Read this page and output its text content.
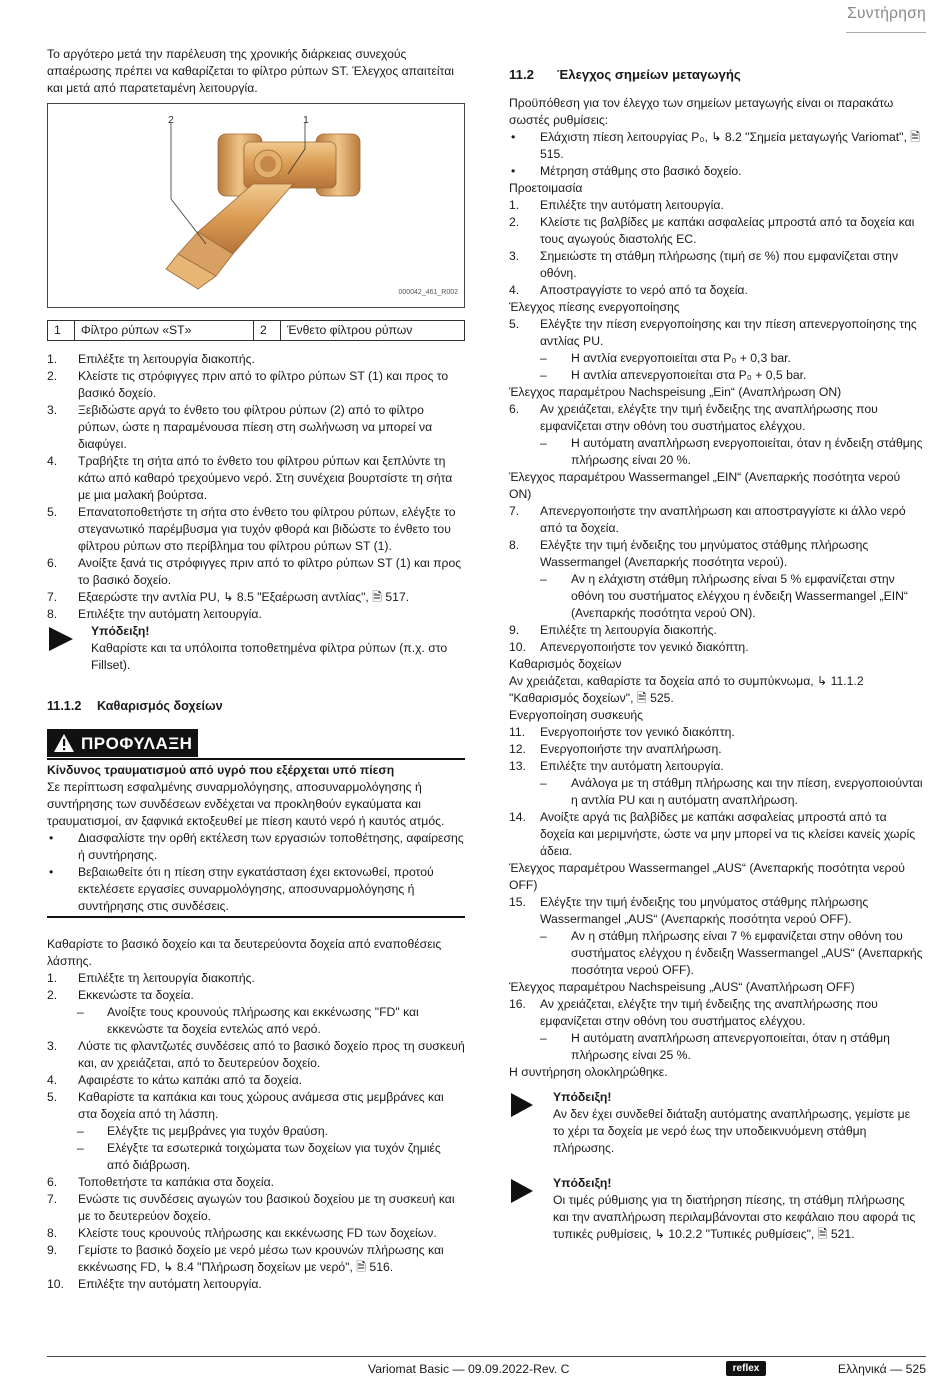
Συντήρηση

Το αργότερο μετά την παρέλευση της χρονικής διάρκειας συνεχούς απαέρωσης πρέπει να καθαρίζεται το φίλτρο ρύπων ST. Έλεγχος απαιτείται και μετά από παρατεταμένη λειτουργία.

2	1
000042_461_R002
1	Φίλτρο ρύπων «ST»	2	Ένθετο φίλτρου ρύπων
1. Επιλέξτε τη λειτουργία διακοπής.
2. Κλείστε τις στρόφιγγες πριν από το φίλτρο ρύπων ST (1) και προς το βασικό δοχείο.
3. Ξεβιδώστε αργά το ένθετο του φίλτρου ρύπων (2) από το φίλτρο ρύπων, ώστε η παραμένουσα πίεση στη σωλήνωση να μπορεί να διαφύγει.
4. Τραβήξτε τη σήτα από το ένθετο του φίλτρου ρύπων και ξεπλύντε τη κάτω από καθαρό τρεχούμενο νερό. Στη συνέχεια βουρτσίστε τη σήτα με μια μαλακή βούρτσα.
5. Επανατοποθετήστε τη σήτα στο ένθετο του φίλτρου ρύπων, ελέγξτε το στεγανωτικό παρέμβυσμα για τυχόν φθορά και βιδώστε το ένθετο του φίλτρου ρύπων στο περίβλημα του φίλτρου ρύπων ST (1).
6. Ανοίξτε ξανά τις στρόφιγγες πριν από το φίλτρο ρύπων ST (1) και προς το βασικό δοχείο.
7. Εξαερώστε την αντλία PU, ↳ 8.5 "Εξαέρωση αντλίας", 🗎 517.
8. Επιλέξτε την αυτόματη λειτουργία.
Υπόδειξη!
Καθαρίστε και τα υπόλοιπα τοποθετημένα φίλτρα ρύπων (π.χ. στο Fillset).
11.1.2 Καθαρισμός δοχείων
ΠΡΟΦΥΛΑΞΗ
Κίνδυνος τραυματισμού από υγρό που εξέρχεται υπό πίεση

Σε περίπτωση εσφαλμένης συναρμολόγησης, αποσυναρμολόγησης ή συντήρησης των συνδέσεων ενδέχεται να προκληθούν εγκαύματα και τραυματισμοί, αν ξαφνικά εκτοξευθεί με πίεση καυτό νερό ή καυτός ατμός.

• Διασφαλίστε την ορθή εκτέλεση των εργασιών τοποθέτησης, αφαίρεσης ή συντήρησης.
• Βεβαιωθείτε ότι η πίεση στην εγκατάσταση έχει εκτονωθεί, προτού εκτελέσετε εργασίες συναρμολόγησης, αποσυναρμολόγησης ή συντήρησης στις συνδέσεις.

Καθαρίστε το βασικό δοχείο και τα δευτερεύοντα δοχεία από εναποθέσεις λάσπης.

1. Επιλέξτε τη λειτουργία διακοπής.
2. Εκκενώστε τα δοχεία.
– Ανοίξτε τους κρουνούς πλήρωσης και εκκένωσης "FD" και εκκενώστε τα δοχεία εντελώς από νερό.
3. Λύστε τις φλαντζωτές συνδέσεις από το βασικό δοχείο προς τη συσκευή και, αν χρειάζεται, από το δευτερεύον δοχείο.
4. Αφαιρέστε το κάτω καπάκι από τα δοχεία.
5. Καθαρίστε τα καπάκια και τους χώρους ανάμεσα στις μεμβράνες και στα δοχεία από τη λάσπη.
– Ελέγξτε τις μεμβράνες για τυχόν θραύση.
– Ελέγξτε τα εσωτερικά τοιχώματα των δοχείων για τυχόν ζημιές από διάβρωση.
6. Τοποθετήστε τα καπάκια στα δοχεία.
7. Ενώστε τις συνδέσεις αγωγών του βασικού δοχείου με τη συσκευή και με το δευτερεύον δοχείο.
8. Κλείστε τους κρουνούς πλήρωσης και εκκένωσης FD των δοχείων.
9. Γεμίστε το βασικό δοχείο με νερό μέσω των κρουνών πλήρωσης και εκκένωσης FD, ↳ 8.4 "Πλήρωση δοχείων με νερό", 🗎 516.
10. Επιλέξτε την αυτόματη λειτουργία.

11.2 Έλεγχος σημείων μεταγωγής

Προϋπόθεση για τον έλεγχο των σημείων μεταγωγής είναι οι παρακάτω σωστές ρυθμίσεις:

• Ελάχιστη πίεση λειτουργίας P₀, ↳ 8.2 "Σημεία μεταγωγής Variomat", 🗎 515.
• Μέτρηση στάθμης στο βασικό δοχείο.

Προετοιμασία

1. Επιλέξτε την αυτόματη λειτουργία.
2. Κλείστε τις βαλβίδες με καπάκι ασφαλείας μπροστά από τα δοχεία και τους αγωγούς διαστολής EC.
3. Σημειώστε τη στάθμη πλήρωσης (τιμή σε %) που εμφανίζεται στην οθόνη.
4. Αποστραγγίστε το νερό από τα δοχεία.

Έλεγχος πίεσης ενεργοποίησης

5. Ελέγξτε την πίεση ενεργοποίησης και την πίεση απενεργοποίησης της αντλίας PU.
– Η αντλία ενεργοποιείται στα P₀ + 0,3 bar.
– Η αντλία απενεργοποιείται στα P₀ + 0,5 bar.

Έλεγχος παραμέτρου Nachspeisung „Ein“ (Αναπλήρωση ON)

6. Αν χρειάζεται, ελέγξτε την τιμή ένδειξης της αναπλήρωσης που εμφανίζεται στην οθόνη του συστήματος ελέγχου.
– Η αυτόματη αναπλήρωση ενεργοποιείται, όταν η ένδειξη στάθμης πλήρωσης είναι 20 %.

Έλεγχος παραμέτρου Wassermangel „EIN“ (Ανεπαρκής ποσότητα νερού ON)

7. Απενεργοποιήστε την αναπλήρωση και αποστραγγίστε κι άλλο νερό από τα δοχεία.
8. Ελέγξτε την τιμή ένδειξης του μηνύματος στάθμης πλήρωσης Wassermangel (Ανεπαρκής ποσότητα νερού).
– Αν η ελάχιστη στάθμη πλήρωσης είναι 5 % εμφανίζεται στην οθόνη του συστήματος ελέγχου η ένδειξη Wassermangel „EIN“ (Ανεπαρκής ποσότητα νερού ON).
9. Επιλέξτε τη λειτουργία διακοπής.
10. Απενεργοποιήστε τον γενικό διακόπτη.

Καθαρισμός δοχείων

Αν χρειάζεται, καθαρίστε τα δοχεία από το συμπύκνωμα, ↳ 11.1.2 "Καθαρισμός δοχείων", 🗎 525.

Ενεργοποίηση συσκευής

11. Ενεργοποιήστε τον γενικό διακόπτη.
12. Ενεργοποιήστε την αναπλήρωση.
13. Επιλέξτε την αυτόματη λειτουργία.
– Ανάλογα με τη στάθμη πλήρωσης και την πίεση, ενεργοποιούνται η αντλία PU και η αυτόματη αναπλήρωση.
14. Ανοίξτε αργά τις βαλβίδες με καπάκι ασφαλείας μπροστά από τα δοχεία και μεριμνήστε, ώστε να μην μπορεί να τις κλείσει κανείς χωρίς άδεια.

Έλεγχος παραμέτρου Wassermangel „AUS“ (Ανεπαρκής ποσότητα νερού OFF)

15. Ελέγξτε την τιμή ένδειξης του μηνύματος στάθμης πλήρωσης Wassermangel „AUS“ (Ανεπαρκής ποσότητα νερού OFF).
– Αν η στάθμη πλήρωσης είναι 7 % εμφανίζεται στην οθόνη του συστήματος ελέγχου η ένδειξη Wassermangel „AUS“ (Ανεπαρκής ποσότητα νερού OFF).

Έλεγχος παραμέτρου Nachspeisung „AUS“ (Αναπλήρωση OFF)

16. Αν χρειάζεται, ελέγξτε την τιμή ένδειξης της αναπλήρωσης που εμφανίζεται στην οθόνη του συστήματος ελέγχου.
– Η αυτόματη αναπλήρωση απενεργοποιείται, όταν η στάθμη πλήρωσης είναι 25 %.

Η συντήρηση ολοκληρώθηκε.

Υπόδειξη!
Αν δεν έχει συνδεθεί διάταξη αυτόματης αναπλήρωσης, γεμίστε με το χέρι τα δοχεία με νερό έως την υποδεικνυόμενη στάθμη πλήρωσης.
Υπόδειξη!
Οι τιμές ρύθμισης για τη διατήρηση πίεσης, τη στάθμη πλήρωσης και την αναπλήρωση περιλαμβάνονται στο κεφάλαιο που αφορά τις τυπικές ρυθμίσεις, ↳ 10.2.2 "Τυπικές ρυθμίσεις", 🗎 521.
Variomat Basic — 09.09.2022-Rev. C	reflex	Ελληνικά — 525
